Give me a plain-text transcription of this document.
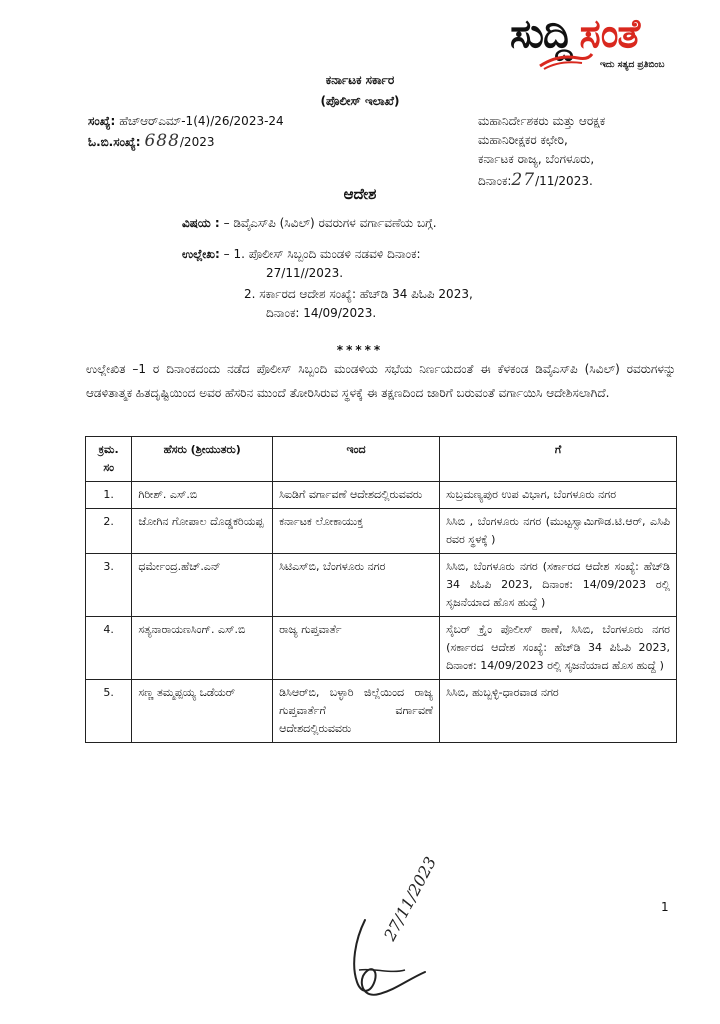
ಸುದ್ದಿ ಸಂತೆ
ಇದು ಸತ್ಯದ ಪ್ರತಿಬಿಂಬ
ಕರ್ನಾಟಕ ಸರ್ಕಾರ
(ಪೊಲೀಸ್ ಇಲಾಖೆ)
ಸಂಖ್ಯೆ: ಹೆಚ್‌ಆರ್‌ಎಮ್-1(4)/26/2023-24
ಓ.ಬಿ.ಸಂಖ್ಯೆ: 688/2023
ಮಹಾನಿರ್ದೇಶಕರು ಮತ್ತು ಆರಕ್ಷಕ
ಮಹಾನಿರೀಕ್ಷಕರ ಕಛೇರಿ,
ಕರ್ನಾಟಕ ರಾಜ್ಯ, ಬೆಂಗಳೂರು,
ದಿನಾಂಕ:27/11/2023.
ಆದೇಶ
ವಿಷಯ : – ಡಿವೈಎಸ್‌ಪಿ (ಸಿವಿಲ್) ರವರುಗಳ ವರ್ಗಾವಣೆಯ ಬಗ್ಗೆ.
ಉಲ್ಲೇಖ: – 1. ಪೊಲೀಸ್ ಸಿಬ್ಬಂದಿ ಮಂಡಳಿ ನಡವಳಿ ದಿನಾಂಕ:
27/11//2023.
2. ಸರ್ಕಾರದ ಆದೇಶ ಸಂಖ್ಯೆ: ಹೆಚ್‌ಡಿ 34 ಪಿಓಪಿ 2023,
ದಿನಾಂಕ: 14/09/2023.
*****
ಉಲ್ಲೇಖಿತ –1 ರ ದಿನಾಂಕದಂದು ನಡೆದ ಪೊಲೀಸ್ ಸಿಬ್ಬಂದಿ ಮಂಡಳಿಯ ಸಭೆಯ ನಿರ್ಣಯದಂತೆ ಈ ಕೆಳಕಂಡ ಡಿವೈಎಸ್‌ಪಿ (ಸಿವಿಲ್) ರವರುಗಳನ್ನು ಆಡಳಿತಾತ್ಮಕ ಹಿತದೃಷ್ಟಿಯಿಂದ ಅವರ ಹೆಸರಿನ ಮುಂದೆ ತೋರಿಸಿರುವ ಸ್ಥಳಕ್ಕೆ ಈ ತಕ್ಷಣದಿಂದ ಜಾರಿಗೆ ಬರುವಂತೆ ವರ್ಗಾಯಿಸಿ ಆದೇಶಿಸಲಾಗಿದೆ.
ಕ್ರಮ. ಸಂ	ಹೆಸರು (ಶ್ರೀಯುತರು)	ಇಂದ	ಗೆ
1.	ಗಿರೀಶ್. ಎಸ್.ಬಿ	ಸಿಐಡಿಗೆ ವರ್ಗಾವಣೆ ಆದೇಶದಲ್ಲಿರುವವರು	ಸುಬ್ರಮಣ್ಯಪುರ ಉಪ ವಿಭಾಗ, ಬೆಂಗಳೂರು ನಗರ
2.	ಜೋಗಿನ ಗೋಪಾಲ ದೊಡ್ಡಕರಿಯಪ್ಪ	ಕರ್ನಾಟಕ ಲೋಕಾಯುಕ್ತ	ಸಿಸಿಬಿ , ಬೆಂಗಳೂರು ನಗರ (ಮುಟ್ಟಸ್ವಾಮಿಗೌಡ.ಟಿ.ಆರ್, ಎಸಿಪಿ ರವರ ಸ್ಥಳಕ್ಕೆ )
3.	ಧರ್ಮೇಂದ್ರ.ಹೆಚ್.ಎನ್	ಸಿಟಿಎಸ್‌ಬಿ, ಬೆಂಗಳೂರು ನಗರ	ಸಿಸಿಬಿ, ಬೆಂಗಳೂರು ನಗರ (ಸರ್ಕಾರದ ಆದೇಶ ಸಂಖ್ಯೆ: ಹೆಚ್‌ಡಿ 34 ಪಿಓಪಿ 2023, ದಿನಾಂಕ: 14/09/2023 ರಲ್ಲಿ ಸೃಜನೆಯಾದ ಹೊಸ ಹುದ್ದೆ )
4.	ಸತ್ಯನಾರಾಯಣಸಿಂಗ್. ಎಸ್.ಬಿ	ರಾಜ್ಯ ಗುಪ್ತವಾರ್ತೆ	ಸೈಬರ್ ಕ್ರೈಂ ಪೊಲೀಸ್ ಠಾಣೆ, ಸಿಸಿಬಿ, ಬೆಂಗಳೂರು ನಗರ (ಸರ್ಕಾರದ ಆದೇಶ ಸಂಖ್ಯೆ: ಹೆಚ್‌ಡಿ 34 ಪಿಓಪಿ 2023, ದಿನಾಂಕ: 14/09/2023 ರಲ್ಲಿ ಸೃಜನೆಯಾದ ಹೊಸ ಹುದ್ದೆ )
5.	ಸಣ್ಣ ತಮ್ಮಪ್ಪಯ್ಯ ಒಡೆಯರ್	ಡಿಸಿಆರ್‌ಬಿ, ಬಳ್ಳಾರಿ ಜಿಲ್ಲೆಯಿಂದ ರಾಜ್ಯ ಗುಪ್ತವಾರ್ತೆಗೆ ವರ್ಗಾವಣೆ ಆದೇಶದಲ್ಲಿರುವವರು	ಸಿಸಿಬಿ, ಹುಬ್ಬಳ್ಳಿ-ಧಾರವಾಡ ನಗರ
1
27/11/2023
